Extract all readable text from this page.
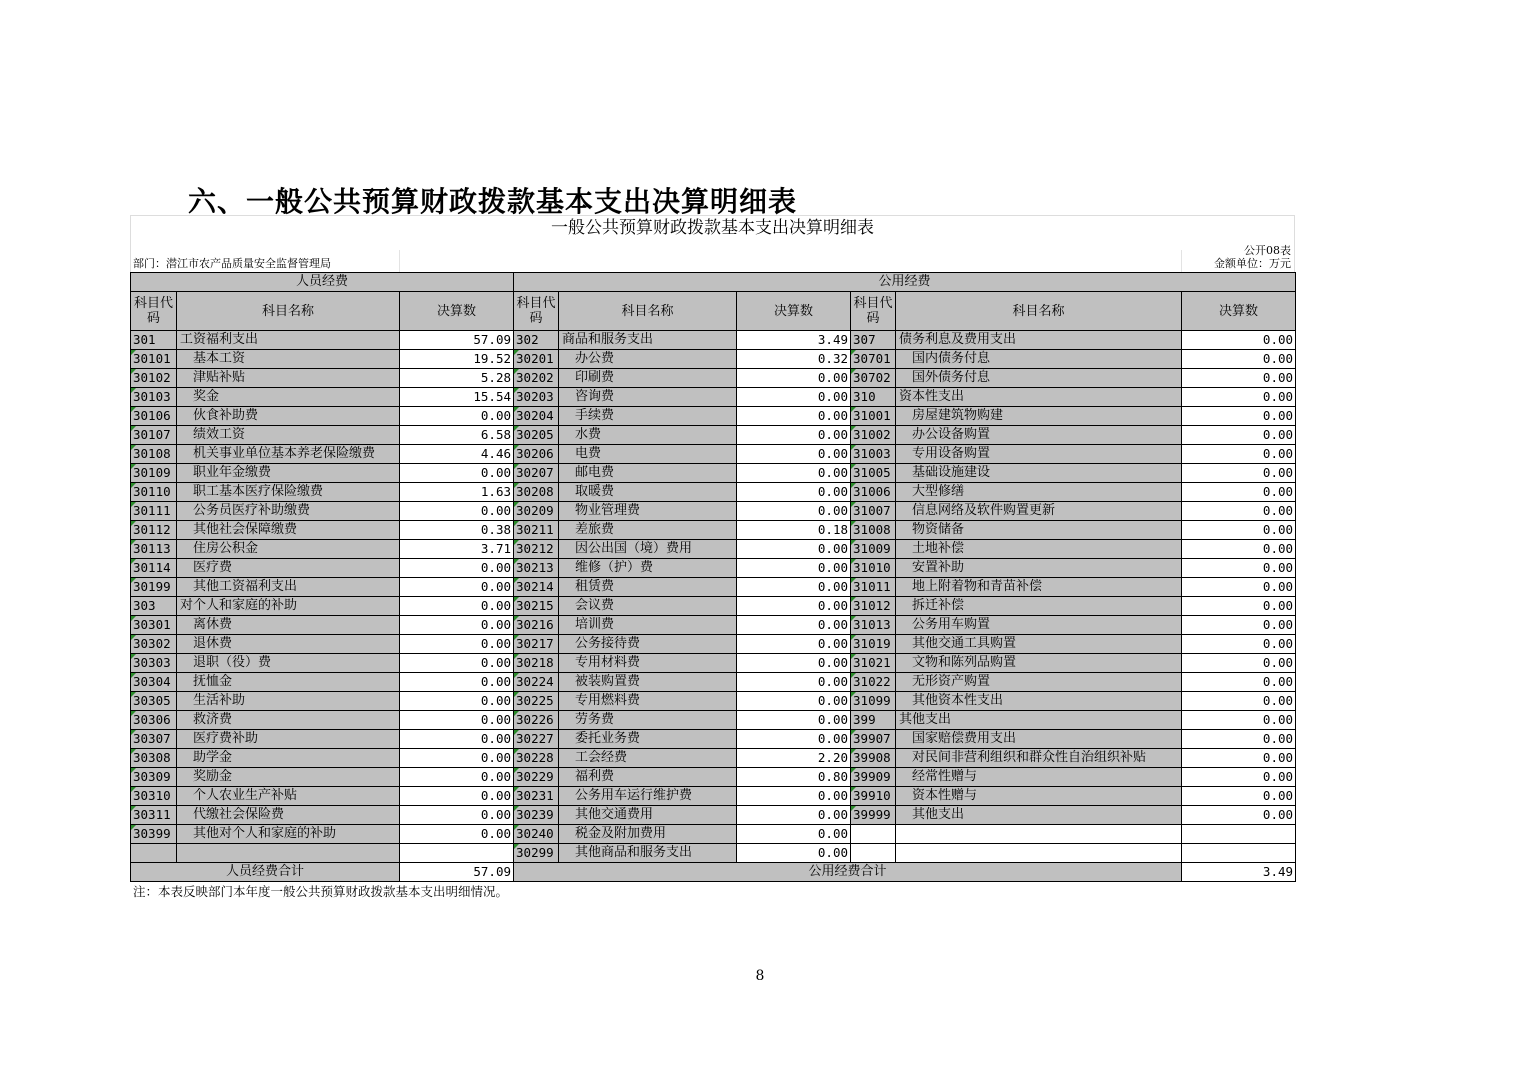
六、一般公共预算财政拨款基本支出决算明细表
一般公共预算财政拨款基本支出决算明细表
公开08表
部门：潜江市农产品质量安全监督管理局	金额单位：万元
人员经费			公用经费					
科目代码	科目名称	决算数	科目代码	科目名称	决算数	科目代码	科目名称	决算数
301	工资福利支出	57.09	302	商品和服务支出	3.49	307	债务利息及费用支出	0.00
30101	基本工资	19.52	30201	办公费	0.32	30701	国内债务付息	0.00
30102	津贴补贴	5.28	30202	印刷费	0.00	30702	国外债务付息	0.00
30103	奖金	15.54	30203	咨询费	0.00	310	资本性支出	0.00
30106	伙食补助费	0.00	30204	手续费	0.00	31001	房屋建筑物购建	0.00
30107	绩效工资	6.58	30205	水费	0.00	31002	办公设备购置	0.00
30108	机关事业单位基本养老保险缴费	4.46	30206	电费	0.00	31003	专用设备购置	0.00
30109	职业年金缴费	0.00	30207	邮电费	0.00	31005	基础设施建设	0.00
30110	职工基本医疗保险缴费	1.63	30208	取暖费	0.00	31006	大型修缮	0.00
30111	公务员医疗补助缴费	0.00	30209	物业管理费	0.00	31007	信息网络及软件购置更新	0.00
30112	其他社会保障缴费	0.38	30211	差旅费	0.18	31008	物资储备	0.00
30113	住房公积金	3.71	30212	因公出国（境）费用	0.00	31009	土地补偿	0.00
30114	医疗费	0.00	30213	维修（护）费	0.00	31010	安置补助	0.00
30199	其他工资福利支出	0.00	30214	租赁费	0.00	31011	地上附着物和青苗补偿	0.00
303	对个人和家庭的补助	0.00	30215	会议费	0.00	31012	拆迁补偿	0.00
30301	离休费	0.00	30216	培训费	0.00	31013	公务用车购置	0.00
30302	退休费	0.00	30217	公务接待费	0.00	31019	其他交通工具购置	0.00
30303	退职（役）费	0.00	30218	专用材料费	0.00	31021	文物和陈列品购置	0.00
30304	抚恤金	0.00	30224	被装购置费	0.00	31022	无形资产购置	0.00
30305	生活补助	0.00	30225	专用燃料费	0.00	31099	其他资本性支出	0.00
30306	救济费	0.00	30226	劳务费	0.00	399	其他支出	0.00
30307	医疗费补助	0.00	30227	委托业务费	0.00	39907	国家赔偿费用支出	0.00
30308	助学金	0.00	30228	工会经费	2.20	39908	对民间非营利组织和群众性自治组织补贴	0.00
30309	奖励金	0.00	30229	福利费	0.80	39909	经常性赠与	0.00
30310	个人农业生产补贴	0.00	30231	公务用车运行维护费	0.00	39910	资本性赠与	0.00
30311	代缴社会保险费	0.00	30239	其他交通费用	0.00	39999	其他支出	0.00
30399	其他对个人和家庭的补助	0.00	30240	税金及附加费用	0.00			
			30299	其他商品和服务支出	0.00			
人员经费合计		57.09	公用经费合计					3.49
注：本表反映部门本年度一般公共预算财政拨款基本支出明细情况。
8
